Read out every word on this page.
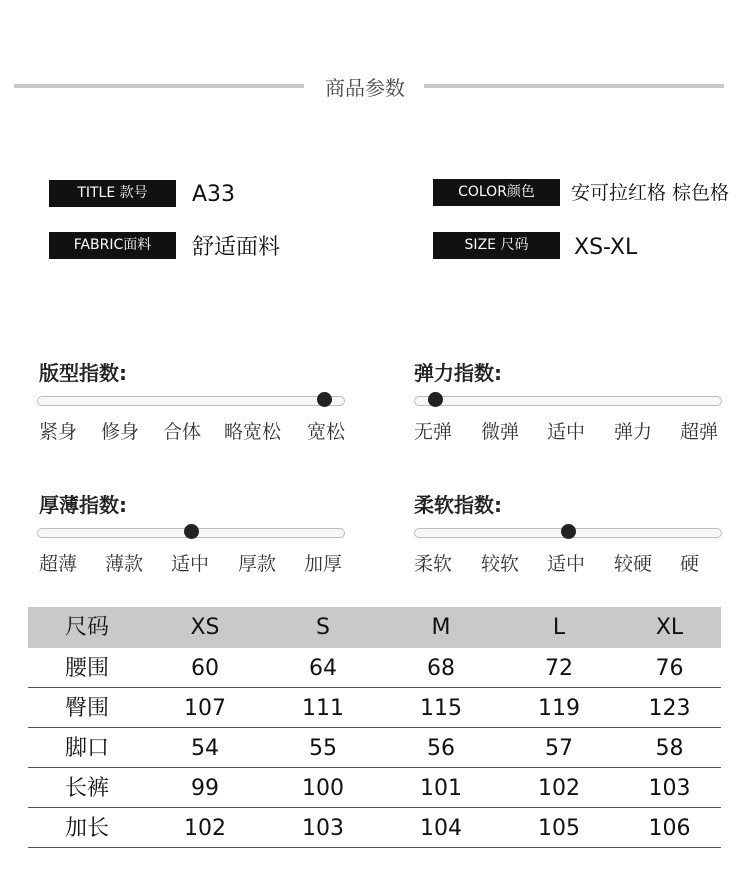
商品参数
TITLE 款号	A33	COLOR颜色	安可拉红格 棕色格
FABRIC面料	舒适面料	SIZE 尺码	XS-XL
版型指数:
紧身 修身 合体 略宽松 宽松
弹力指数:
无弹 微弹 适中 弹力 超弹
厚薄指数:
超薄 薄款 适中 厚款 加厚
柔软指数:
柔软 较软 适中 较硬 硬
尺码	XS	S	M	L	XL
腰围	60	64	68	72	76
臀围	107	111	115	119	123
脚口	54	55	56	57	58
长裤	99	100	101	102	103
加长	102	103	104	105	106
